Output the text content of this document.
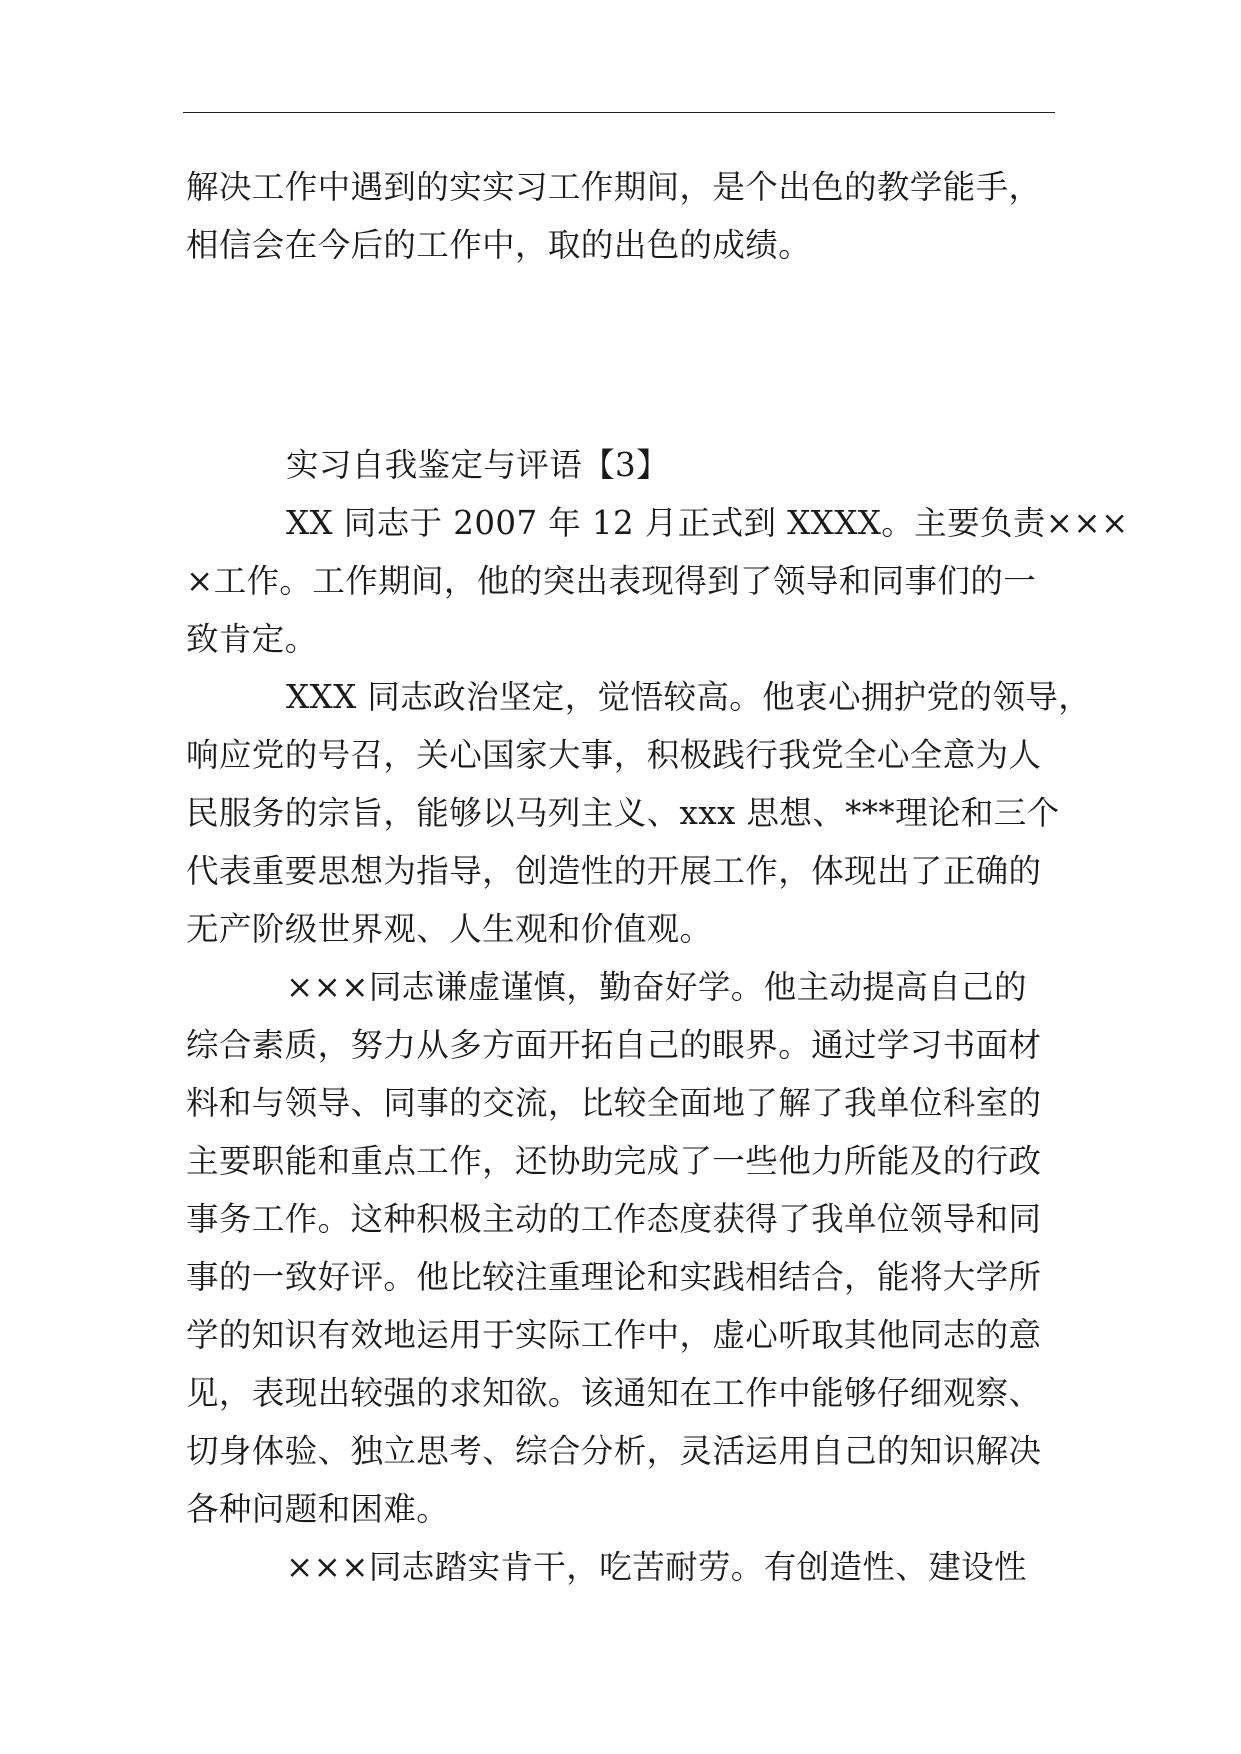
解决工作中遇到的实实习工作期间，是个出色的教学能手，
相信会在今后的工作中，取的出色的成绩。
实习自我鉴定与评语【3】
XX 同志于 2007 年 12 月正式到 XXXX。主要负责×××
×工作。工作期间，他的突出表现得到了领导和同事们的一
致肯定。
XXX 同志政治坚定，觉悟较高。他衷心拥护党的领导，
响应党的号召，关心国家大事，积极践行我党全心全意为人
民服务的宗旨，能够以马列主义、xxx 思想、***理论和三个
代表重要思想为指导，创造性的开展工作，体现出了正确的
无产阶级世界观、人生观和价值观。
×××同志谦虚谨慎，勤奋好学。他主动提高自己的
综合素质，努力从多方面开拓自己的眼界。通过学习书面材
料和与领导、同事的交流，比较全面地了解了我单位科室的
主要职能和重点工作，还协助完成了一些他力所能及的行政
事务工作。这种积极主动的工作态度获得了我单位领导和同
事的一致好评。他比较注重理论和实践相结合，能将大学所
学的知识有效地运用于实际工作中，虚心听取其他同志的意
见，表现出较强的求知欲。该通知在工作中能够仔细观察、
切身体验、独立思考、综合分析，灵活运用自己的知识解决
各种问题和困难。
×××同志踏实肯干，吃苦耐劳。有创造性、建设性
